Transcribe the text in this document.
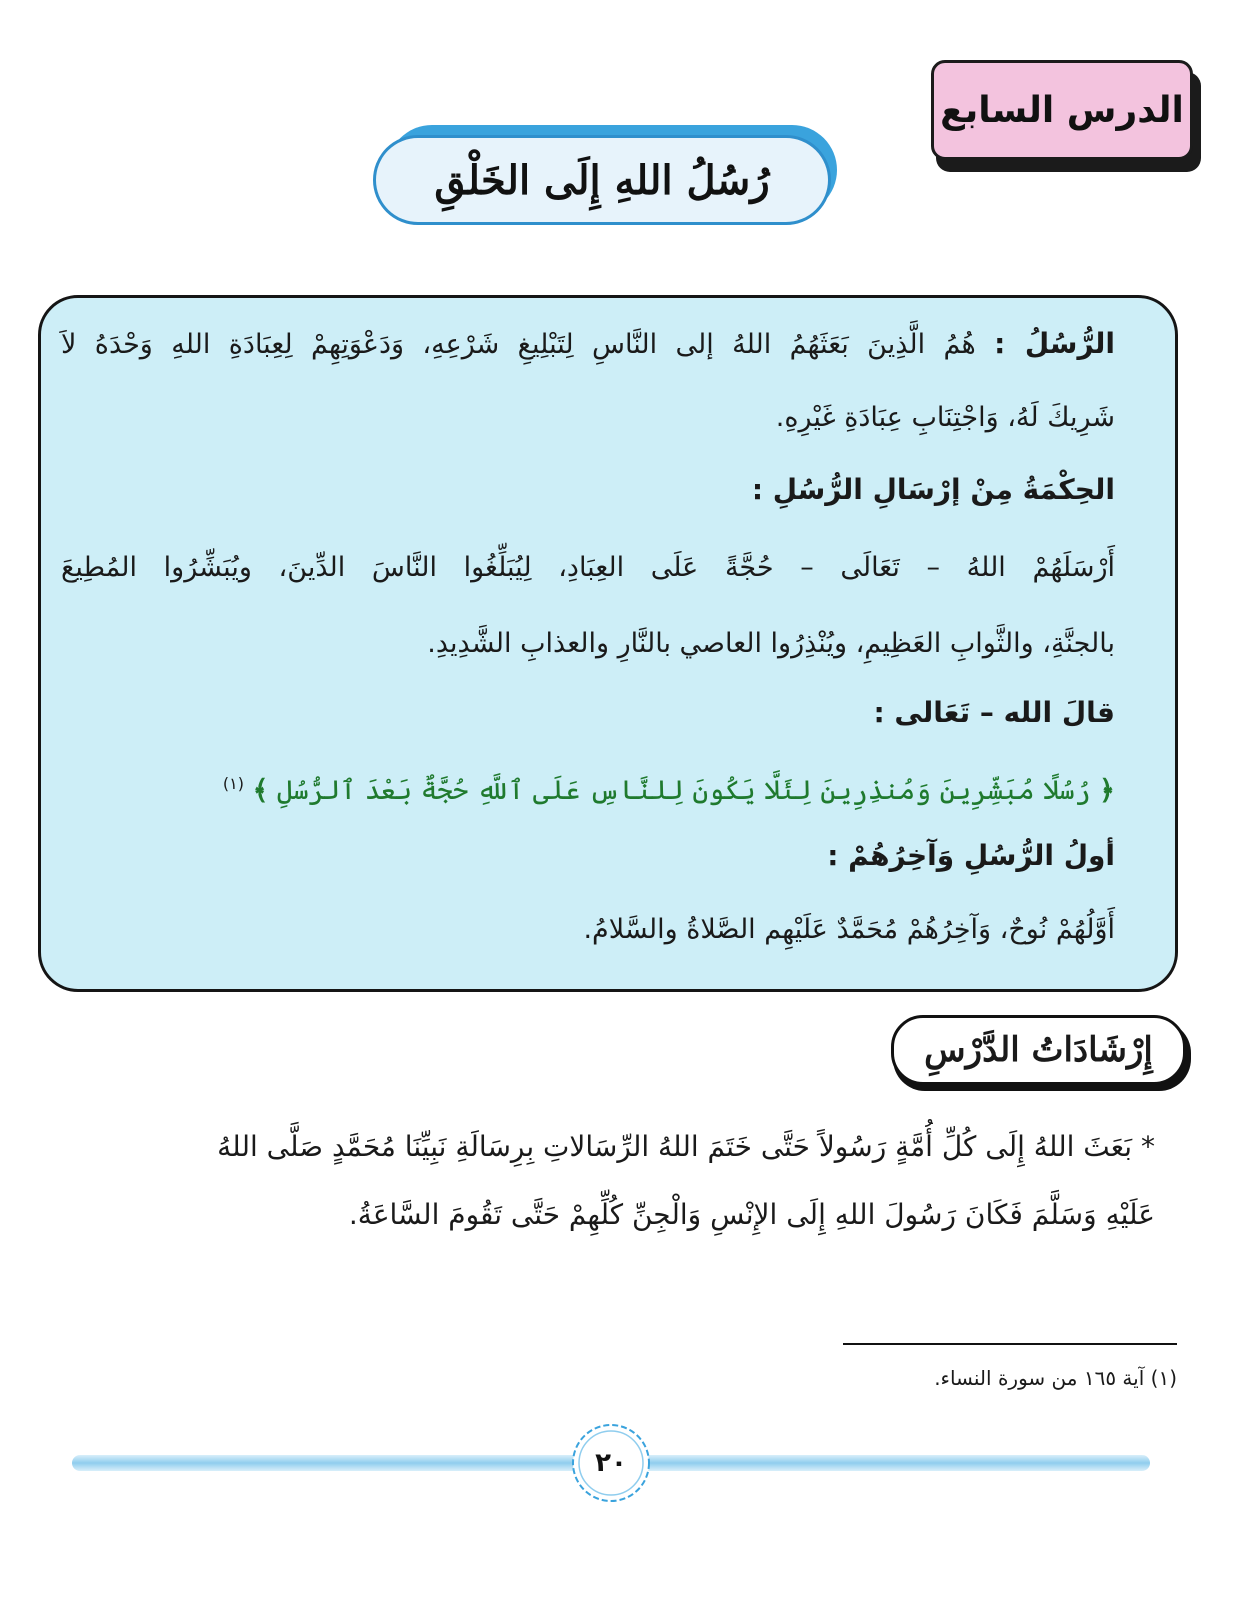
الدرس السابع
رُسُلُ اللهِ إِلَى الخَلْقِ
الرُّسُلُ : هُمُ الَّذِينَ بَعَثَهُمُ اللهُ إلى النَّاسِ لِتَبْلِيغِ شَرْعِهِ، وَدَعْوَتِهِمْ لِعِبَادَةِ اللهِ وَحْدَهُ لاَ
شَرِيكَ لَهُ، وَاجْتِنَابِ عِبَادَةِ غَيْرِهِ.
الحِكْمَةُ مِنْ إرْسَالِ الرُّسُلِ :
أَرْسَلَهُمْ اللهُ – تَعَالَى – حُجَّةً عَلَى العِبَادِ، لِيُبَلِّغُوا النَّاسَ الدِّينَ، ويُبَشِّرُوا المُطِيعَ
بالجنَّةِ، والثَّوابِ العَظِيمِ، ويُنْذِرُوا العاصي بالنَّارِ والعذابِ الشَّدِيدِ.
قالَ الله – تَعَالى :
﴿ رُسُلًا مُبَشِّرِينَ وَمُنذِرِينَ لِئَلَّا يَكُونَ لِلنَّاسِ عَلَى ٱللَّهِ حُجَّةٌ بَعْدَ ٱلرُّسُلِ ﴾ $^{(١)}$
أولُ الرُّسُلِ وَآخِرُهُمْ :
أَوَّلُهُمْ نُوحٌ، وَآخِرُهُمْ مُحَمَّدٌ عَلَيْهِم الصَّلاةُ والسَّلامُ.
إِرْشَادَاتُ الدَّرْسِ
* بَعَثَ اللهُ إِلَى كُلِّ أُمَّةٍ رَسُولاً حَتَّى خَتَمَ اللهُ الرِّسَالاتِ بِرِسَالَةِ نَبِيِّنَا مُحَمَّدٍ صَلَّى اللهُ
عَلَيْهِ وَسَلَّمَ فَكَانَ رَسُولَ اللهِ إِلَى الإِنْسِ وَالْجِنِّ كُلِّهِمْ حَتَّى تَقُومَ السَّاعَةُ.
(١) آية ١٦٥ من سورة النساء.
٢٠
